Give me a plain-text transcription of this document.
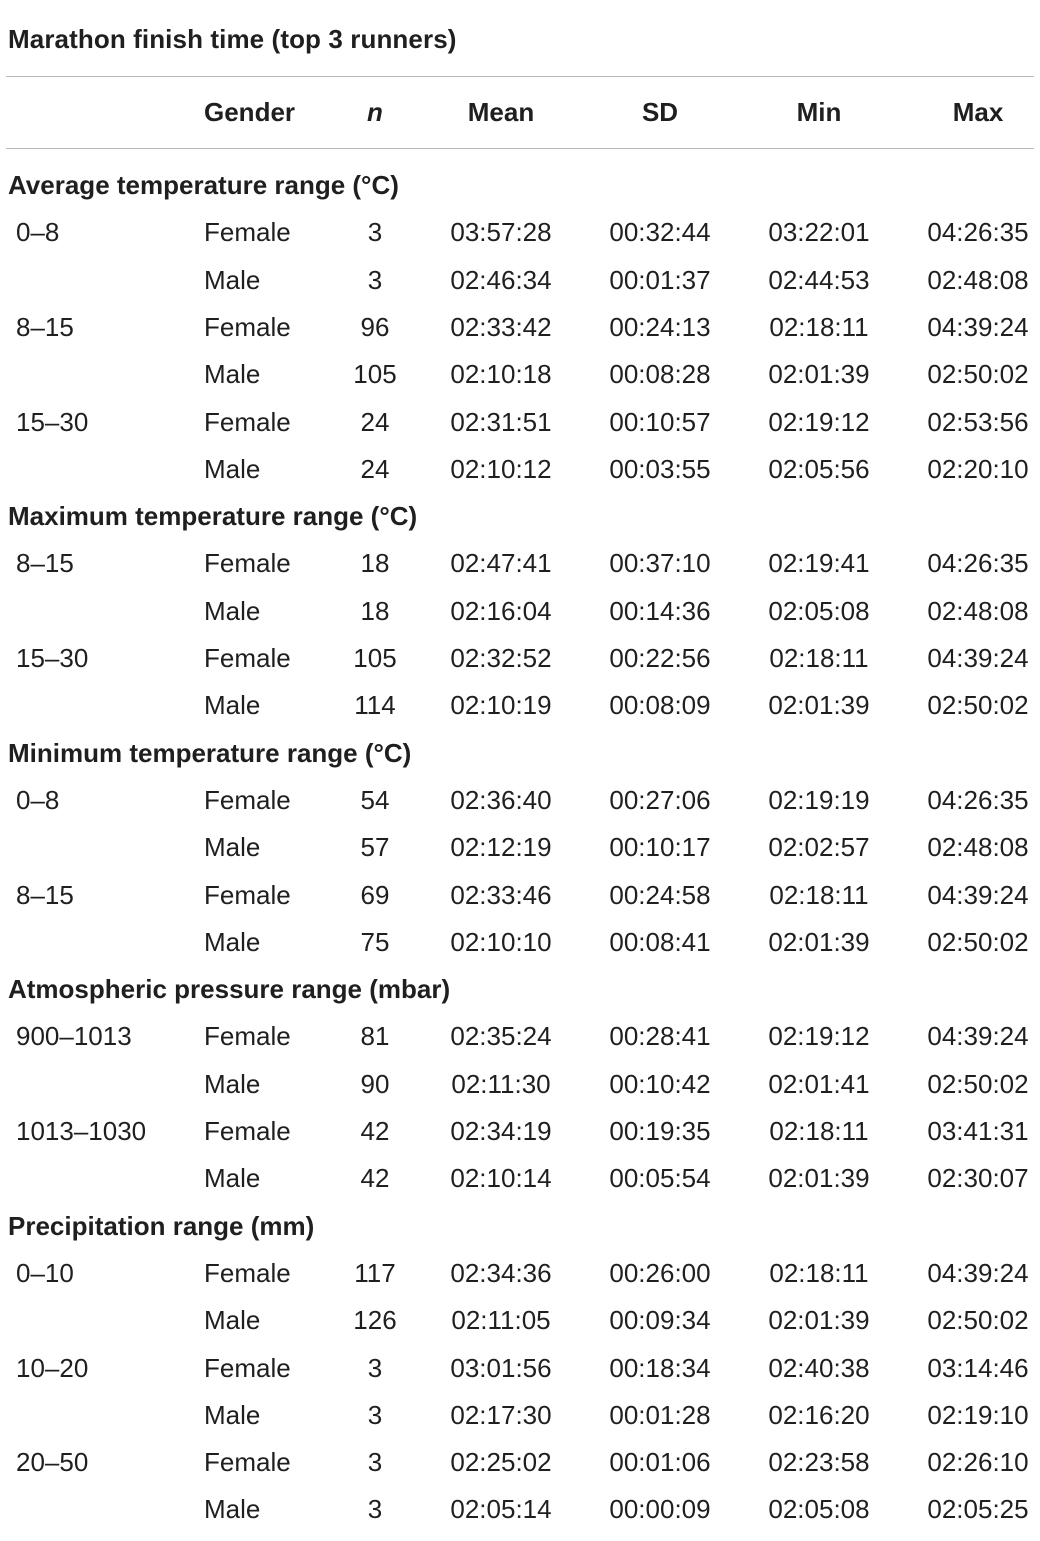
Marathon finish time (top 3 runners)
Gender	n	Mean	SD	Min	Max
Average temperature range (°C)
0–8	Female	3	03:57:28	00:32:44	03:22:01	04:26:35
Male	3	02:46:34	00:01:37	02:44:53	02:48:08
8–15	Female	96	02:33:42	00:24:13	02:18:11	04:39:24
Male	105	02:10:18	00:08:28	02:01:39	02:50:02
15–30	Female	24	02:31:51	00:10:57	02:19:12	02:53:56
Male	24	02:10:12	00:03:55	02:05:56	02:20:10
Maximum temperature range (°C)
8–15	Female	18	02:47:41	00:37:10	02:19:41	04:26:35
Male	18	02:16:04	00:14:36	02:05:08	02:48:08
15–30	Female	105	02:32:52	00:22:56	02:18:11	04:39:24
Male	114	02:10:19	00:08:09	02:01:39	02:50:02
Minimum temperature range (°C)
0–8	Female	54	02:36:40	00:27:06	02:19:19	04:26:35
Male	57	02:12:19	00:10:17	02:02:57	02:48:08
8–15	Female	69	02:33:46	00:24:58	02:18:11	04:39:24
Male	75	02:10:10	00:08:41	02:01:39	02:50:02
Atmospheric pressure range (mbar)
900–1013	Female	81	02:35:24	00:28:41	02:19:12	04:39:24
Male	90	02:11:30	00:10:42	02:01:41	02:50:02
1013–1030 Female	42	02:34:19	00:19:35	02:18:11	03:41:31
Male	42	02:10:14	00:05:54	02:01:39	02:30:07
Precipitation range (mm)
0–10	Female	117	02:34:36	00:26:00	02:18:11	04:39:24
Male	126	02:11:05	00:09:34	02:01:39	02:50:02
10–20	Female	3	03:01:56	00:18:34	02:40:38	03:14:46
Male	3	02:17:30	00:01:28	02:16:20	02:19:10
20–50	Female	3	02:25:02	00:01:06	02:23:58	02:26:10
Male	3	02:05:14	00:00:09	02:05:08	02:05:25
